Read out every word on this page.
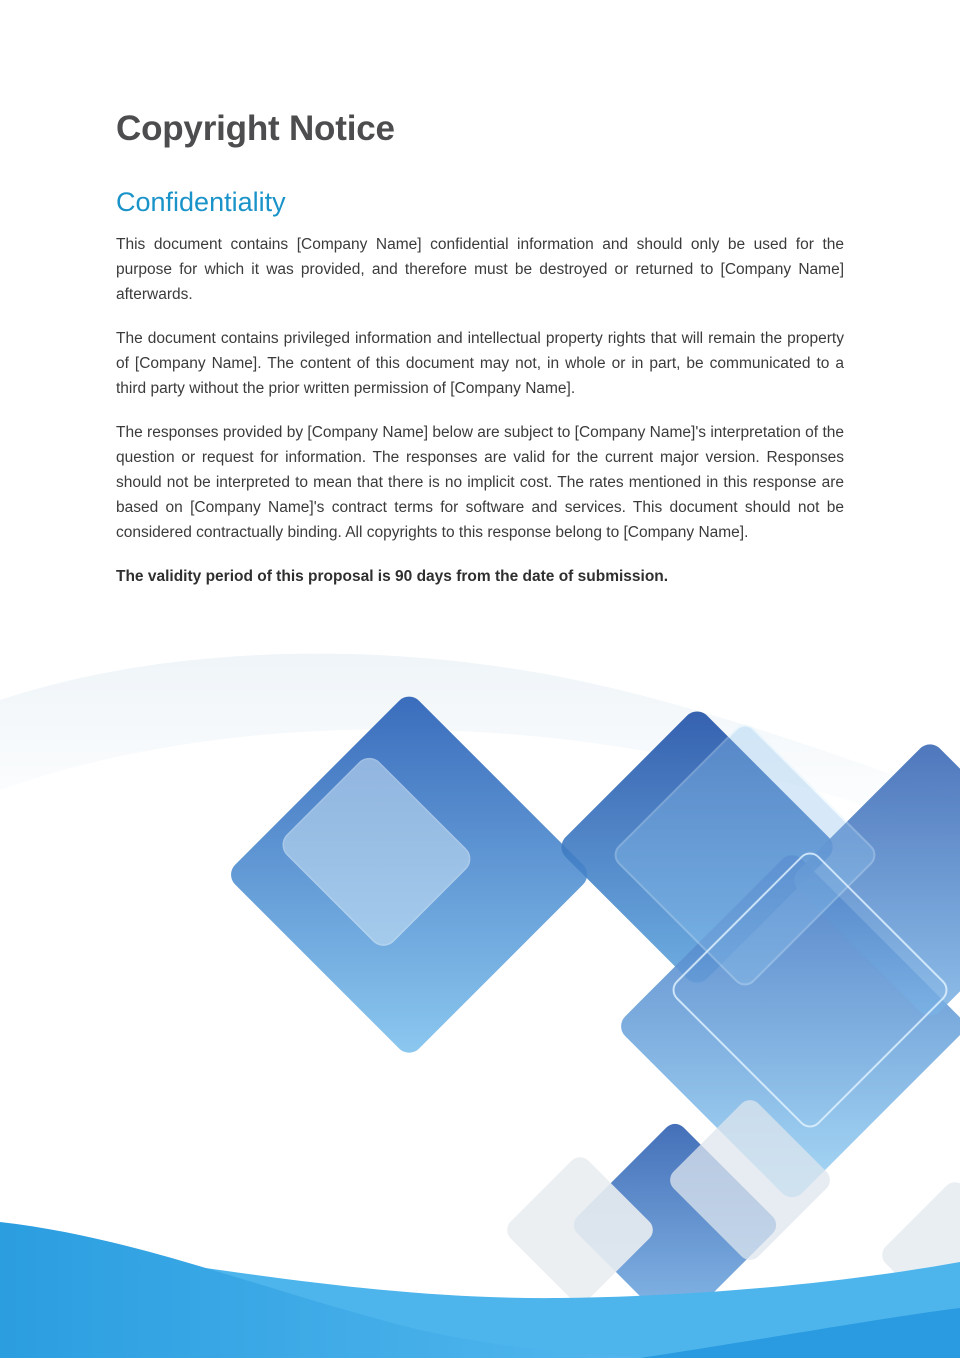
Copyright Notice
Confidentiality

This document contains [Company Name] confidential information and should only be used for the purpose for which it was provided, and therefore must be destroyed or returned to [Company Name] afterwards.

The document contains privileged information and intellectual property rights that will remain the property of [Company Name]. The content of this document may not, in whole or in part, be communicated to a third party without the prior written permission of [Company Name].

The responses provided by [Company Name] below are subject to [Company Name]'s interpretation of the question or request for information. The responses are valid for the current major version. Responses should not be interpreted to mean that there is no implicit cost. The rates mentioned in this response are based on [Company Name]'s contract terms for software and services. This document should not be considered contractually binding. All copyrights to this response belong to [Company Name].

The validity period of this proposal is 90 days from the date of submission.
